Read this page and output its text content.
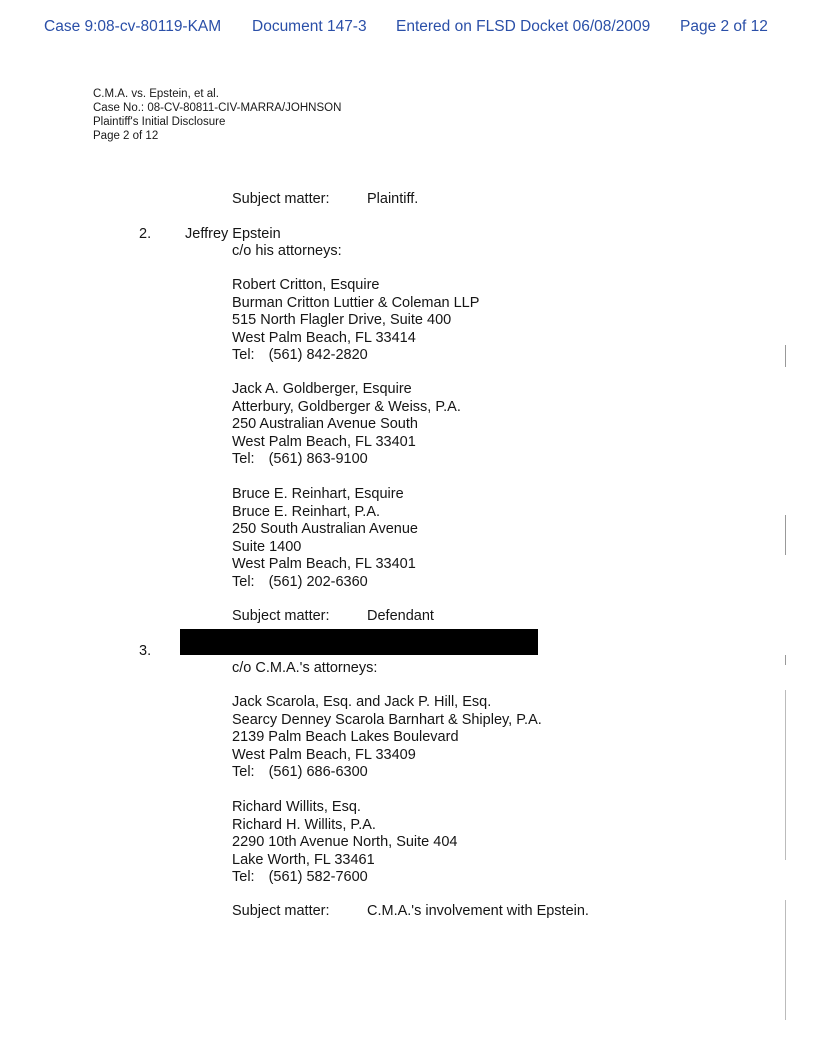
Case 9:08-cv-80119-KAM Document 147-3 Entered on FLSD Docket 06/08/2009 Page 2 of 12
C.M.A. vs. Epstein, et al.
Case No.: 08-CV-80811-CIV-MARRA/JOHNSON
Plaintiff's Initial Disclosure
Page 2 of 12
Subject matter:	Plaintiff.
2. Jeffrey Epstein
c/o his attorneys:
Robert Critton, Esquire
Burman Critton Luttier & Coleman LLP
515 North Flagler Drive, Suite 400
West Palm Beach, FL 33414
Tel: (561) 842-2820
Jack A. Goldberger, Esquire
Atterbury, Goldberger & Weiss, P.A.
250 Australian Avenue South
West Palm Beach, FL 33401
Tel: (561) 863-9100
Bruce E. Reinhart, Esquire
Bruce E. Reinhart, P.A.
250 South Australian Avenue
Suite 1400
West Palm Beach, FL 33401
Tel: (561) 202-6360
Subject matter:	Defendant
3.
c/o C.M.A.'s attorneys:
Jack Scarola, Esq. and Jack P. Hill, Esq.
Searcy Denney Scarola Barnhart & Shipley, P.A.
2139 Palm Beach Lakes Boulevard
West Palm Beach, FL 33409
Tel: (561) 686-6300
Richard Willits, Esq.
Richard H. Willits, P.A.
2290 10th Avenue North, Suite 404
Lake Worth, FL 33461
Tel: (561) 582-7600
Subject matter:	C.M.A.'s involvement with Epstein.
